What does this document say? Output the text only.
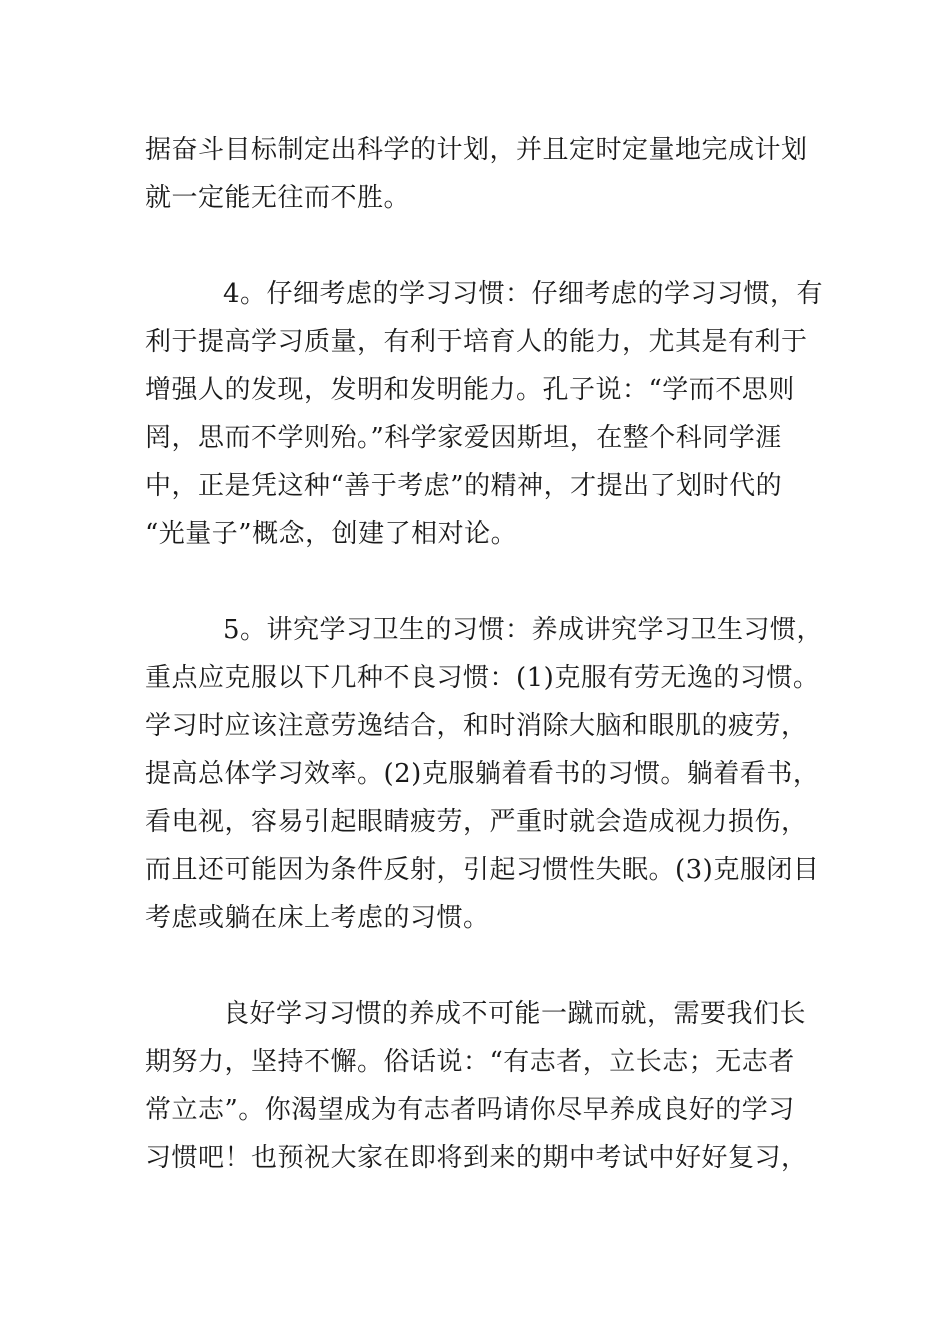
据奋斗目标制定出科学的计划，并且定时定量地完成计划
就一定能无往而不胜。

4。仔细考虑的学习习惯：仔细考虑的学习习惯，有
利于提高学习质量，有利于培育人的能力，尤其是有利于
增强人的发现，发明和发明能力。孔子说：“学而不思则
罔，思而不学则殆。”科学家爱因斯坦，在整个科同学涯
中，正是凭这种“善于考虑”的精神，才提出了划时代的
“光量子”概念，创建了相对论。

5。讲究学习卫生的习惯：养成讲究学习卫生习惯，
重点应克服以下几种不良习惯：(1)克服有劳无逸的习惯。
学习时应该注意劳逸结合，和时消除大脑和眼肌的疲劳，
提高总体学习效率。(2)克服躺着看书的习惯。躺着看书，
看电视，容易引起眼睛疲劳，严重时就会造成视力损伤，
而且还可能因为条件反射，引起习惯性失眠。(3)克服闭目
考虑或躺在床上考虑的习惯。

良好学习习惯的养成不可能一蹴而就，需要我们长
期努力，坚持不懈。俗话说：“有志者，立长志；无志者
常立志”。你渴望成为有志者吗请你尽早养成良好的学习
习惯吧！也预祝大家在即将到来的期中考试中好好复习，
